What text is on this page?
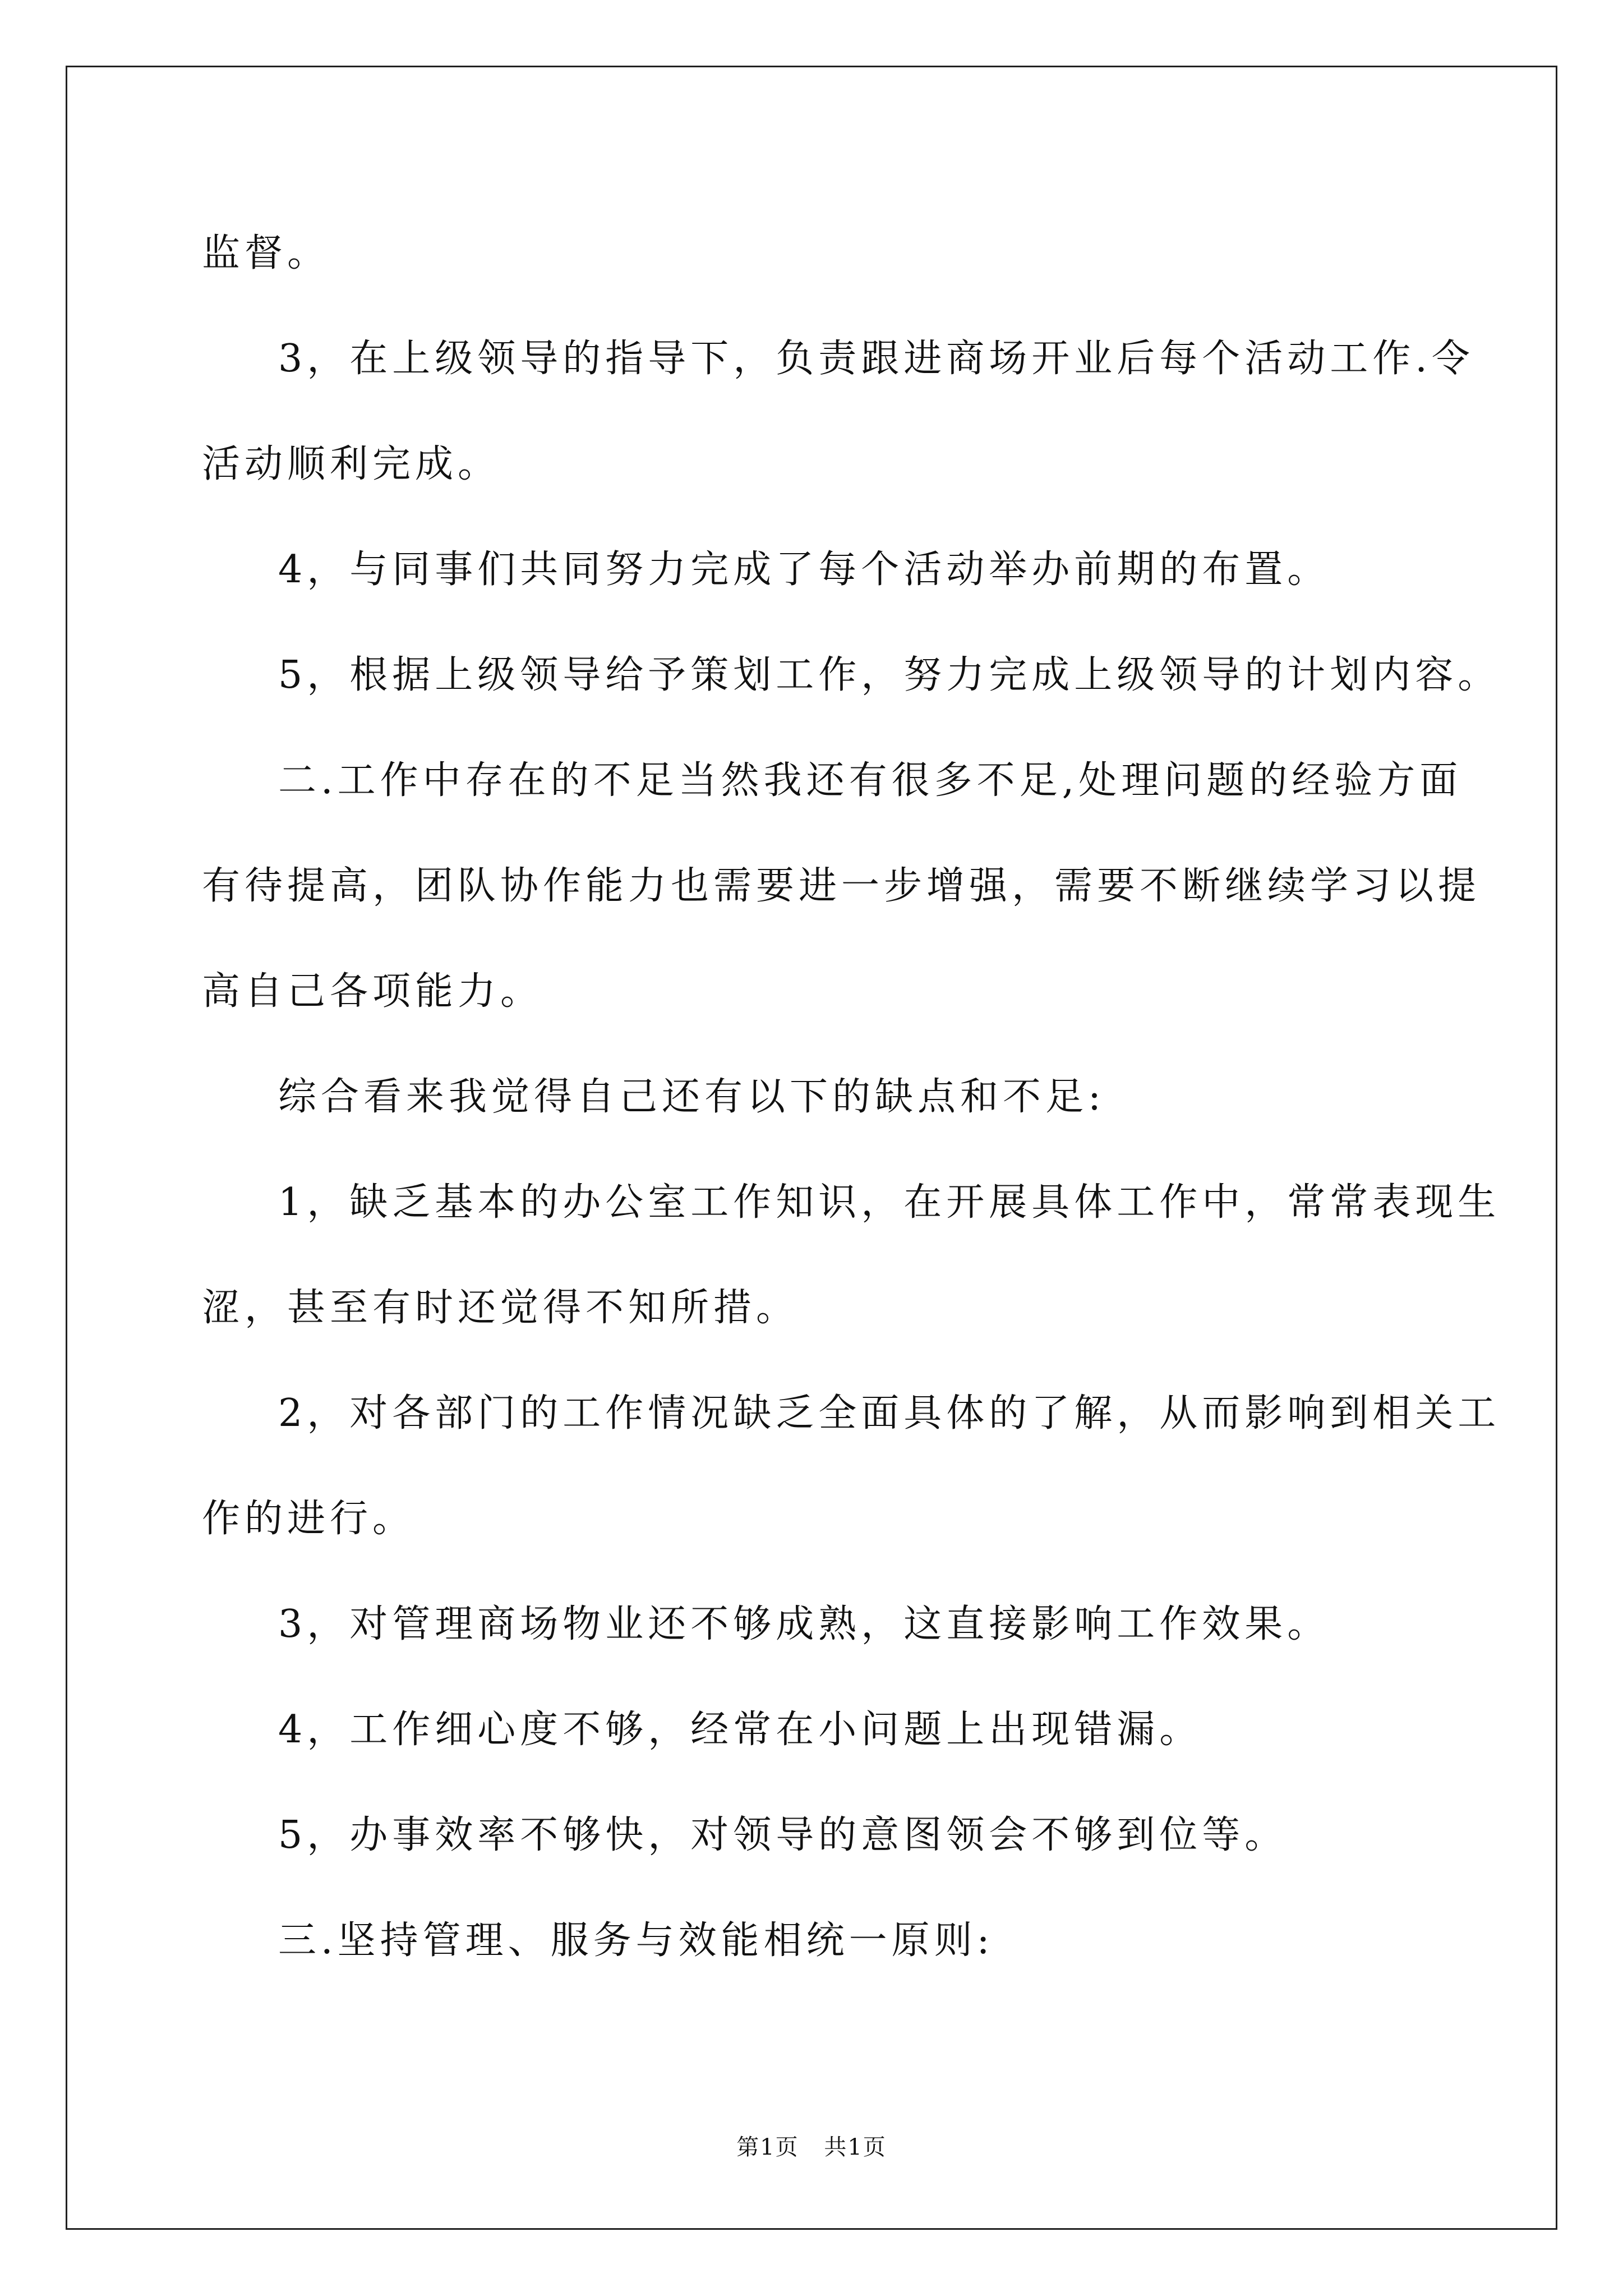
监督。

3，在上级领导的指导下，负责跟进商场开业后每个活动工作.令

活动顺利完成。

4，与同事们共同努力完成了每个活动举办前期的布置。

5，根据上级领导给予策划工作，努力完成上级领导的计划内容。

二.工作中存在的不足当然我还有很多不足,处理问题的经验方面

有待提高，团队协作能力也需要进一步增强，需要不断继续学习以提

高自己各项能力。

综合看来我觉得自己还有以下的缺点和不足:

1，缺乏基本的办公室工作知识，在开展具体工作中，常常表现生

涩，甚至有时还觉得不知所措。

2，对各部门的工作情况缺乏全面具体的了解，从而影响到相关工

作的进行。

3，对管理商场物业还不够成熟，这直接影响工作效果。

4，工作细心度不够，经常在小问题上出现错漏。

5，办事效率不够快，对领导的意图领会不够到位等。

三.坚持管理、服务与效能相统一原则:

第1页 共1页
